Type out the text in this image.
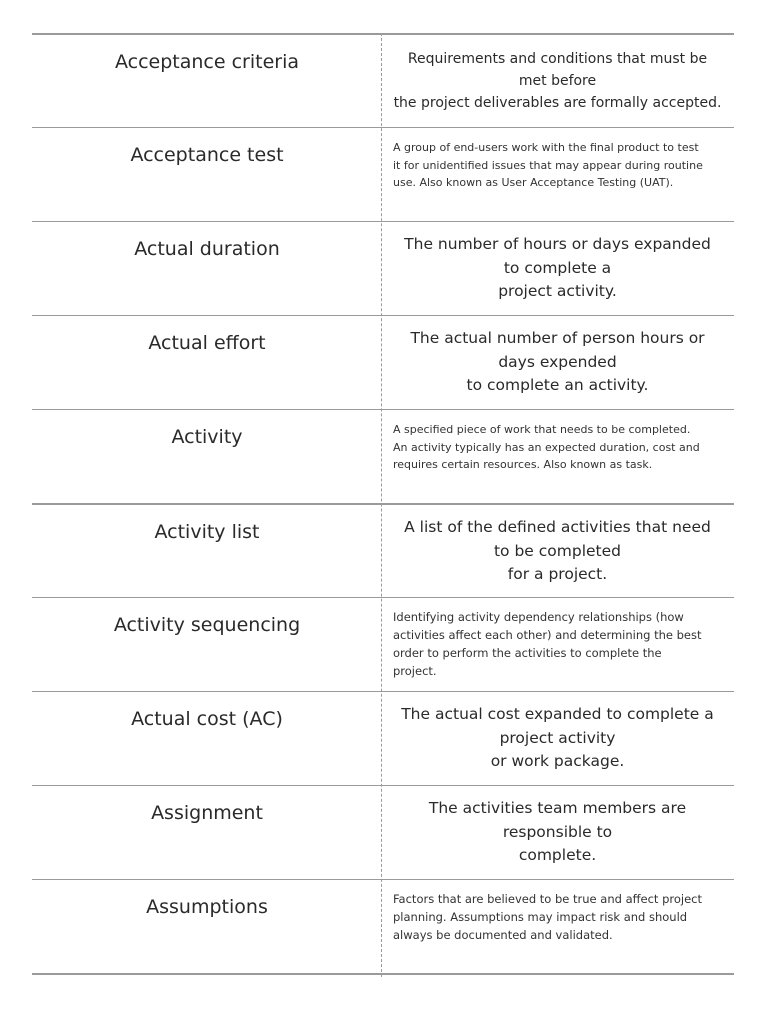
Acceptance criteria	Requirements and conditions that must be
met before
the project deliverables are formally accepted.
Acceptance test	A group of end-users work with the final product to test
it for unidentified issues that may appear during routine
use. Also known as User Acceptance Testing (UAT).
Actual duration	The number of hours or days expanded
to complete a
project activity.
Actual effort	The actual number of person hours or
days expended
to complete an activity.
Activity	A specified piece of work that needs to be completed.
An activity typically has an expected duration, cost and
requires certain resources. Also known as task.
Activity list	A list of the defined activities that need
to be completed
for a project.
Activity sequencing	Identifying activity dependency relationships (how
activities affect each other) and determining the best
order to perform the activities to complete the
project.
Actual cost (AC)	The actual cost expanded to complete a
project activity
or work package.
Assignment	The activities team members are
responsible to
complete.
Assumptions	Factors that are believed to be true and affect project
planning. Assumptions may impact risk and should
always be documented and validated.
